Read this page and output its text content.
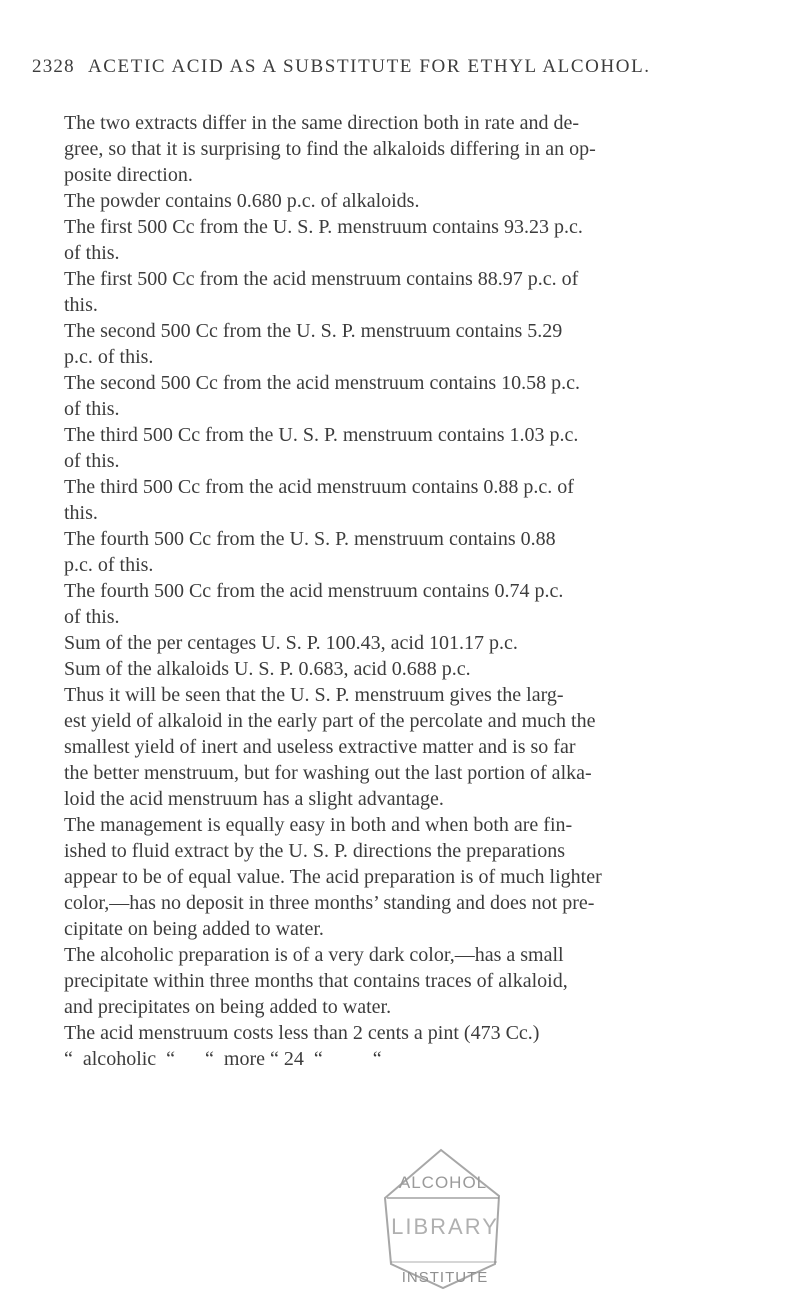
2328 ACETIC ACID AS A SUBSTITUTE FOR ETHYL ALCOHOL.
The two extracts differ in the same direction both in rate and de-
gree, so that it is surprising to find the alkaloids differing in an op-
posite direction.
The powder contains 0.680 p.c. of alkaloids.
The first 500 Cc from the U. S. P. menstruum contains 93.23 p.c.
of this.
The first 500 Cc from the acid menstruum contains 88.97 p.c. of
this.
The second 500 Cc from the U. S. P. menstruum contains 5.29
p.c. of this.
The second 500 Cc from the acid menstruum contains 10.58 p.c.
of this.
The third 500 Cc from the U. S. P. menstruum contains 1.03 p.c.
of this.
The third 500 Cc from the acid menstruum contains 0.88 p.c. of
this.
The fourth 500 Cc from the U. S. P. menstruum contains 0.88
p.c. of this.
The fourth 500 Cc from the acid menstruum contains 0.74 p.c.
of this.
Sum of the per centages U. S. P. 100.43, acid 101.17 p.c.
Sum of the alkaloids U. S. P. 0.683, acid 0.688 p.c.
Thus it will be seen that the U. S. P. menstruum gives the larg-
est yield of alkaloid in the early part of the percolate and much the
smallest yield of inert and useless extractive matter and is so far
the better menstruum, but for washing out the last portion of alka-
loid the acid menstruum has a slight advantage.
The management is equally easy in both and when both are fin-
ished to fluid extract by the U. S. P. directions the preparations
appear to be of equal value. The acid preparation is of much lighter
color,—has no deposit in three months’ standing and does not pre-
cipitate on being added to water.
The alcoholic preparation is of a very dark color,—has a small
precipitate within three months that contains traces of alkaloid,
and precipitates on being added to water.
The acid menstruum costs less than 2 cents a pint (473 Cc.)
“  alcoholic  “      “  more “ 24  “          “
ALCOHOL
LIBRARY
INSTITUTE
